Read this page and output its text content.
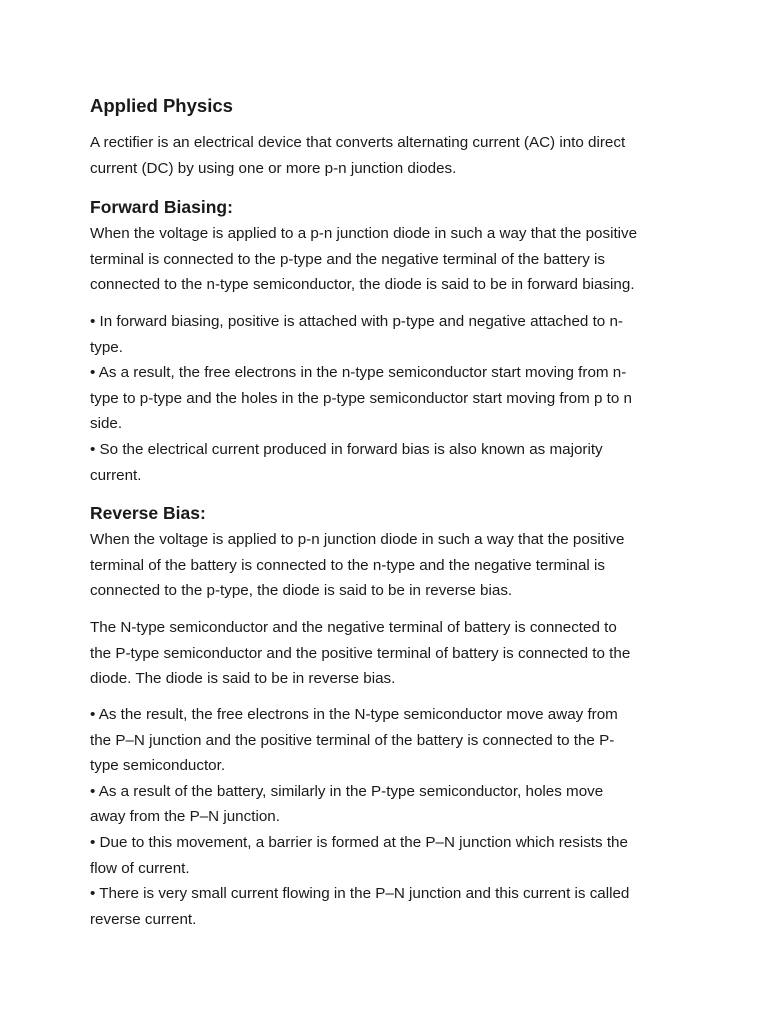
Applied Physics

A rectifier is an electrical device that converts alternating current (AC) into direct
current (DC) by using one or more p-n junction diodes.

Forward Biasing:

When the voltage is applied to a p-n junction diode in such a way that the positive
terminal is connected to the p-type and the negative terminal of the battery is
connected to the n-type semiconductor, the diode is said to be in forward biasing.

• In forward biasing, positive is attached with p-type and negative attached to n-
type.
• As a result, the free electrons in the n-type semiconductor start moving from n-
type to p-type and the holes in the p-type semiconductor start moving from p to n
side.
• So the electrical current produced in forward bias is also known as majority
current.

Reverse Bias:

When the voltage is applied to p-n junction diode in such a way that the positive
terminal of the battery is connected to the n-type and the negative terminal is
connected to the p-type, the diode is said to be in reverse bias.

The N-type semiconductor and the negative terminal of battery is connected to
the P-type semiconductor and the positive terminal of battery is connected to the
diode. The diode is said to be in reverse bias.

• As the result, the free electrons in the N-type semiconductor move away from
the P–N junction and the positive terminal of the battery is connected to the P-
type semiconductor.
• As a result of the battery, similarly in the P-type semiconductor, holes move
away from the P–N junction.
• Due to this movement, a barrier is formed at the P–N junction which resists the
flow of current.
• There is very small current flowing in the P–N junction and this current is called
reverse current.
